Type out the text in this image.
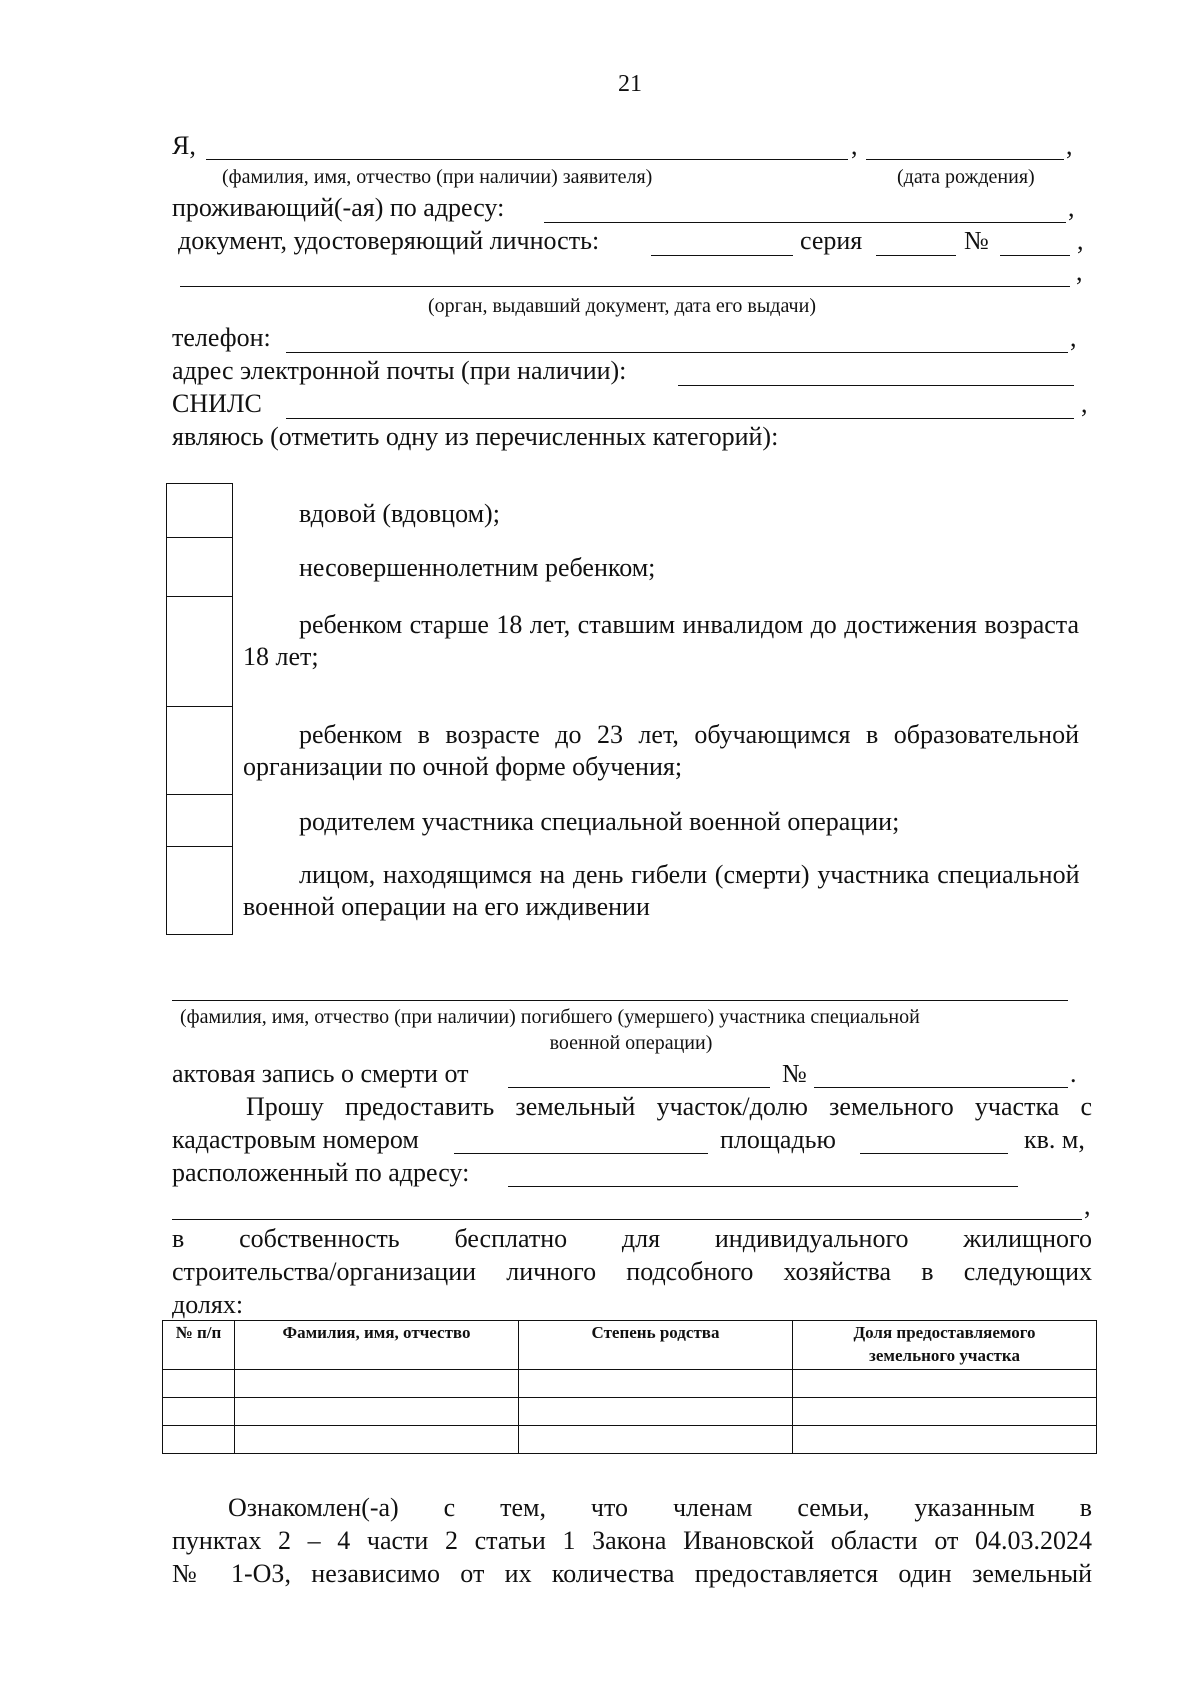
21
Я,	,	,
(фамилия, имя, отчество (при наличии) заявителя)	(дата рождения)
проживающий(-ая) по адресу:	,
документ, удостоверяющий личность:	серия	№	,
,
(орган, выдавший документ, дата его выдачи)
телефон:	,
адрес электронной почты (при наличии):
СНИЛС	,
являюсь (отметить одну из перечисленных категорий):

	вдовой (вдовцом);

	несовершеннолетним ребенком;

	ребенком старше 18 лет, ставшим инвалидом до достижения возраста 18 лет;

	ребенком в возрасте до 23 лет, обучающимся в образовательной организации по очной форме обучения;

	родителем участника специальной военной операции;

	лицом, находящимся на день гибели (смерти) участника специальной военной операции на его иждивении
(фамилия, имя, отчество (при наличии) погибшего (умершего) участника специальной
военной операции)
актовая запись о смерти от	№	.
Прошу предоставить земельный участок/долю земельного участка с
кадастровым номером	площадью	кв. м,
расположенный по адресу:
,
в собственность бесплатно для индивидуального жилищного
строительства/организации личного подсобного хозяйства в следующих
долях:
№ п/п	Фамилия, имя, отчество	Степень родства	Доля предоставляемого земельного участка

Ознакомлен(-а) с тем, что членам семьи, указанным в
пунктах 2 – 4 части 2 статьи 1 Закона Ивановской области от 04.03.2024
№ 1-ОЗ, независимо от их количества предоставляется один земельный
